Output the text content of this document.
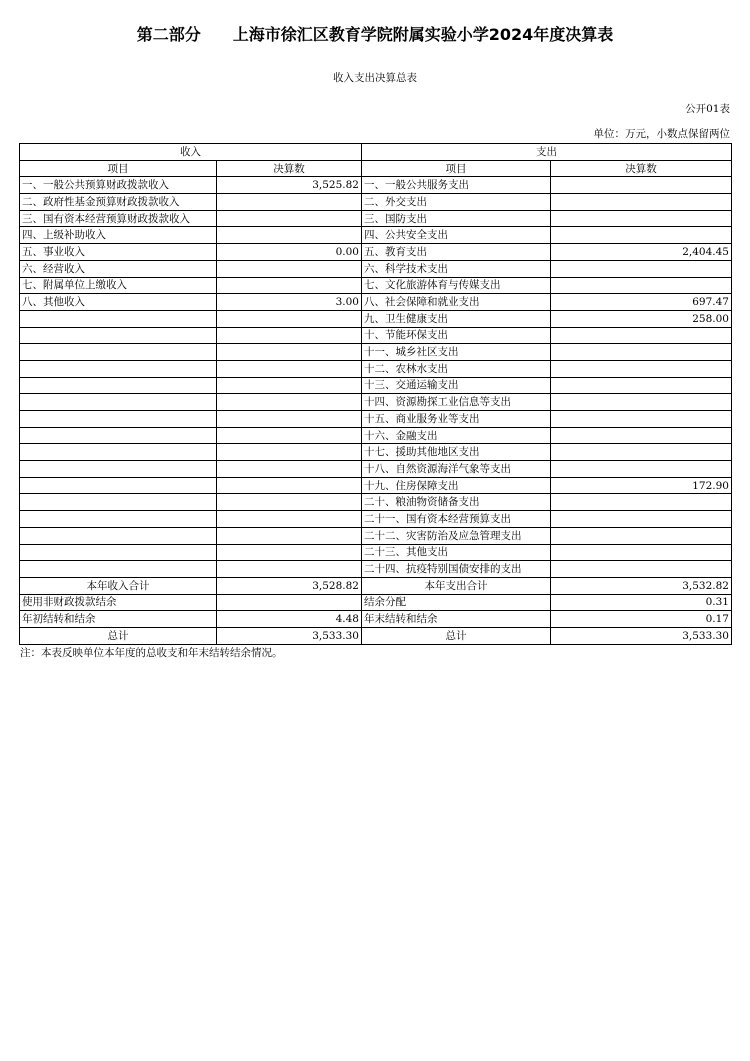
第二部分　　上海市徐汇区教育学院附属实验小学2024年度决算表
收入支出决算总表
公开01表
单位：万元，小数点保留两位
收入		支出	
项目	决算数	项目	决算数
一、一般公共预算财政拨款收入	3,525.82	一、一般公共服务支出	
二、政府性基金预算财政拨款收入		二、外交支出	
三、国有资本经营预算财政拨款收入		三、国防支出	
四、上级补助收入		四、公共安全支出	
五、事业收入	0.00	五、教育支出	2,404.45
六、经营收入		六、科学技术支出	
七、附属单位上缴收入		七、文化旅游体育与传媒支出	
八、其他收入	3.00	八、社会保障和就业支出	697.47
		九、卫生健康支出	258.00
		十、节能环保支出	
		十一、城乡社区支出	
		十二、农林水支出	
		十三、交通运输支出	
		十四、资源勘探工业信息等支出	
		十五、商业服务业等支出	
		十六、金融支出	
		十七、援助其他地区支出	
		十八、自然资源海洋气象等支出	
		十九、住房保障支出	172.90
		二十、粮油物资储备支出	
		二十一、国有资本经营预算支出	
		二十二、灾害防治及应急管理支出	
		二十三、其他支出	
		二十四、抗疫特别国债安排的支出	
本年收入合计	3,528.82	本年支出合计	3,532.82
使用非财政拨款结余		结余分配	0.31
年初结转和结余	4.48	年末结转和结余	0.17
总计	3,533.30	总计	3,533.30
注：本表反映单位本年度的总收支和年末结转结余情况。
